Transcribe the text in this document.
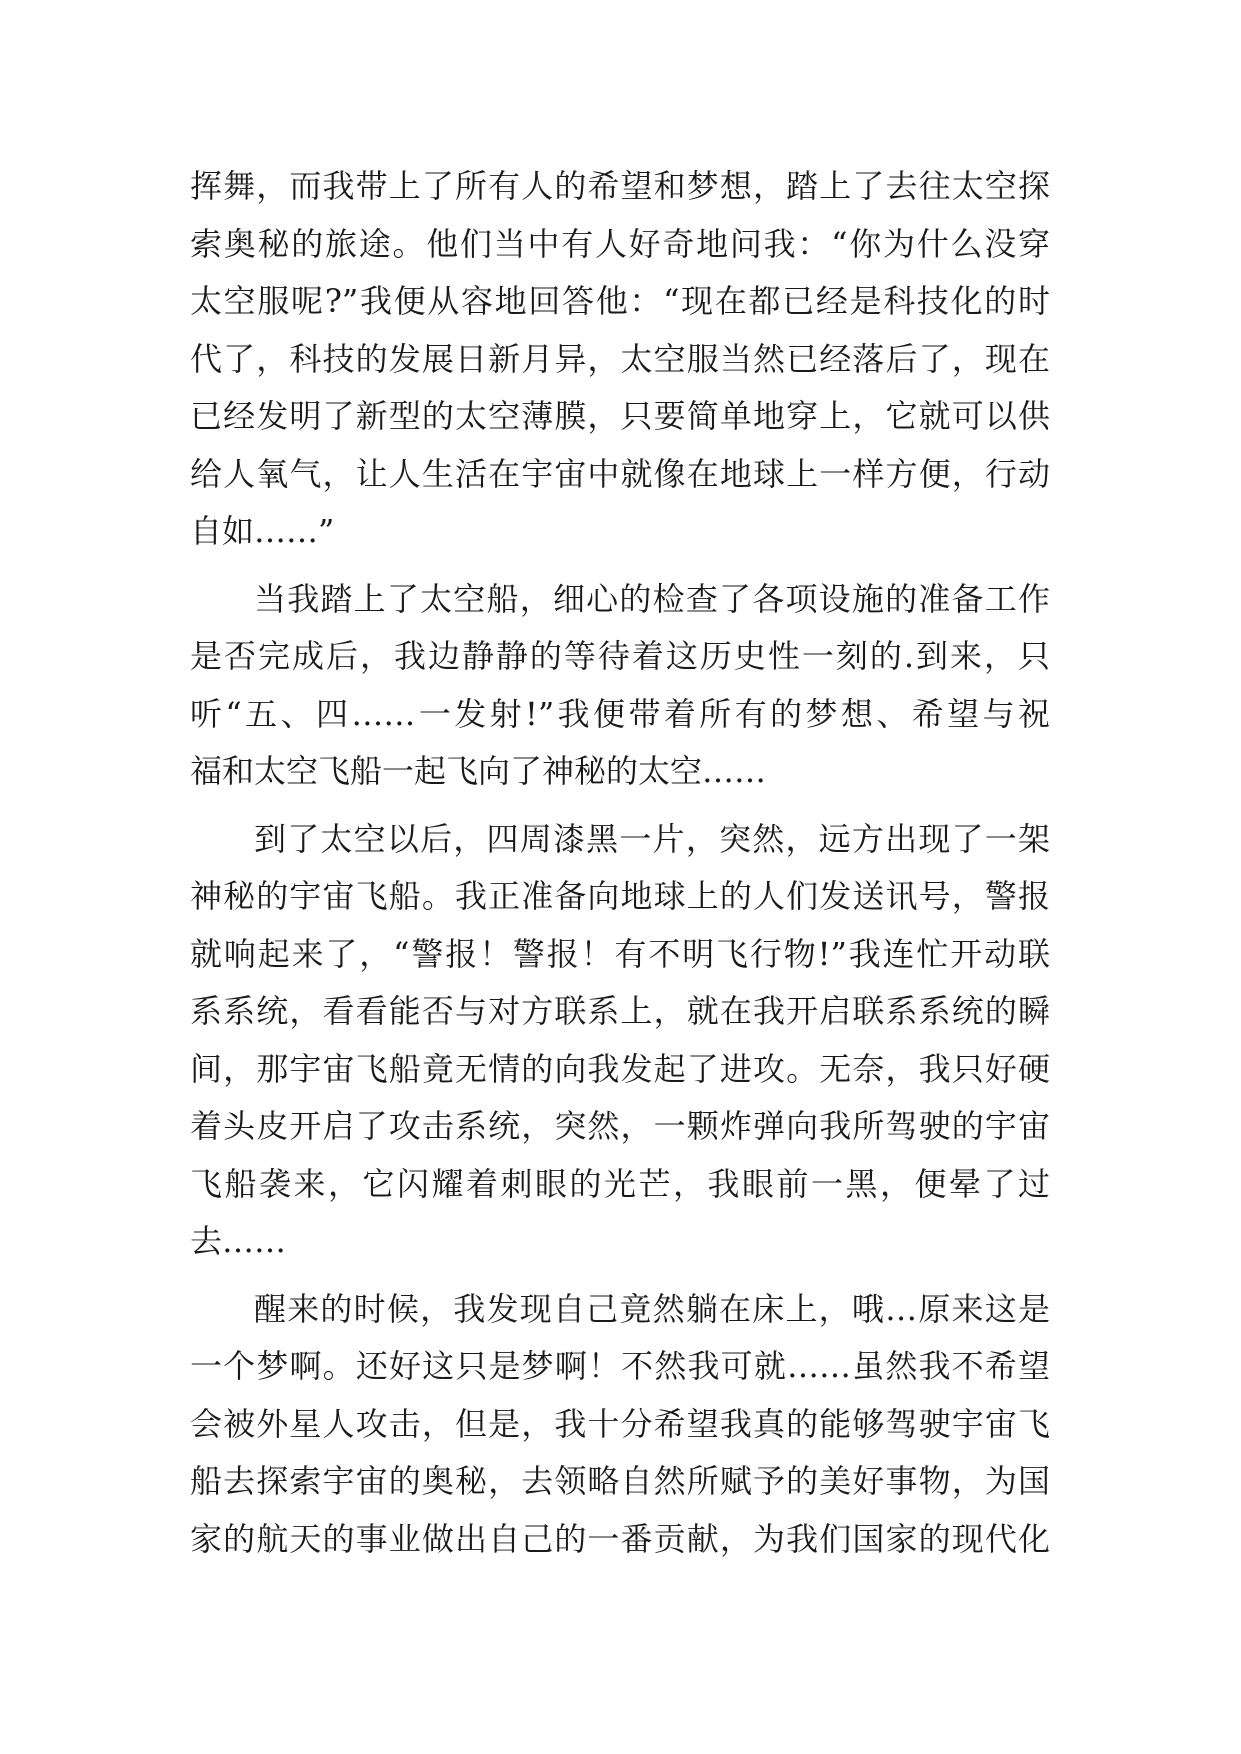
挥舞，而我带上了所有人的希望和梦想，踏上了去往太空探
索奥秘的旅途。他们当中有人好奇地问我：“你为什么没穿
太空服呢?”我便从容地回答他：“现在都已经是科技化的时
代了，科技的发展日新月异，太空服当然已经落后了，现在
已经发明了新型的太空薄膜，只要简单地穿上，它就可以供
给人氧气，让人生活在宇宙中就像在地球上一样方便，行动
自如……”
当我踏上了太空船，细心的检查了各项设施的准备工作
是否完成后，我边静静的等待着这历史性一刻的.到来，只
听“五、四……一发射!”我便带着所有的梦想、希望与祝
福和太空飞船一起飞向了神秘的太空……
到了太空以后，四周漆黑一片，突然，远方出现了一架
神秘的宇宙飞船。我正准备向地球上的人们发送讯号，警报
就响起来了，“警报！警报！有不明飞行物!”我连忙开动联
系系统，看看能否与对方联系上，就在我开启联系系统的瞬
间，那宇宙飞船竟无情的向我发起了进攻。无奈，我只好硬
着头皮开启了攻击系统，突然，一颗炸弹向我所驾驶的宇宙
飞船袭来，它闪耀着刺眼的光芒，我眼前一黑，便晕了过
去……
醒来的时候，我发现自己竟然躺在床上，哦…原来这是
一个梦啊。还好这只是梦啊！不然我可就……虽然我不希望
会被外星人攻击，但是，我十分希望我真的能够驾驶宇宙飞
船去探索宇宙的奥秘，去领略自然所赋予的美好事物，为国
家的航天的事业做出自己的一番贡献，为我们国家的现代化
